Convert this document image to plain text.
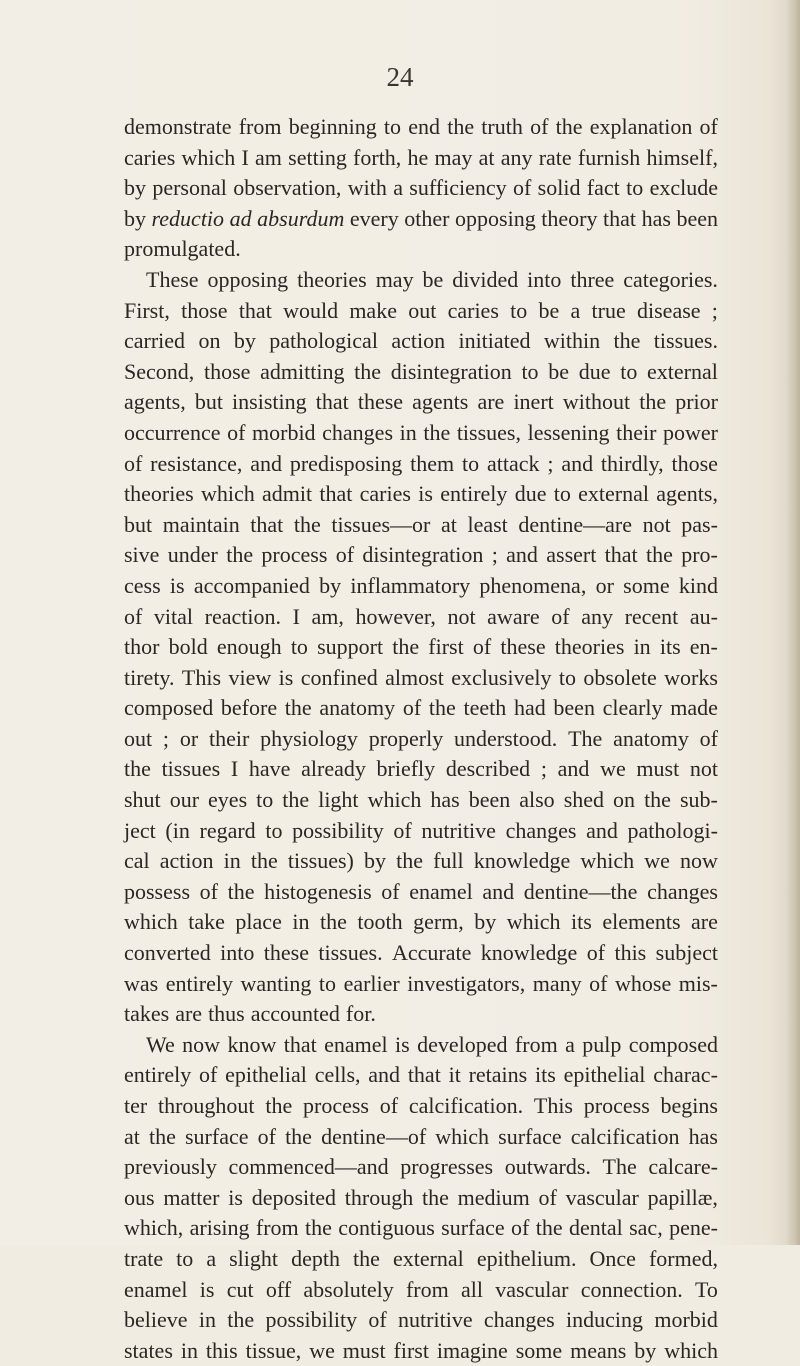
24
demonstrate from beginning to end the truth of the explanation of
caries which I am setting forth, he may at any rate furnish himself,
by personal observation, with a sufficiency of solid fact to exclude
by reductio ad absurdum every other opposing theory that has been
promulgated.
These opposing theories may be divided into three categories.
First, those that would make out caries to be a true disease ;
carried on by pathological action initiated within the tissues.
Second, those admitting the disintegration to be due to external
agents, but insisting that these agents are inert without the prior
occurrence of morbid changes in the tissues, lessening their power
of resistance, and predisposing them to attack ; and thirdly, those
theories which admit that caries is entirely due to external agents,
but maintain that the tissues—or at least dentine—are not pas-
sive under the process of disintegration ; and assert that the pro-
cess is accompanied by inflammatory phenomena, or some kind
of vital reaction. I am, however, not aware of any recent au-
thor bold enough to support the first of these theories in its en-
tirety. This view is confined almost exclusively to obsolete works
composed before the anatomy of the teeth had been clearly made
out ; or their physiology properly understood. The anatomy of
the tissues I have already briefly described ; and we must not
shut our eyes to the light which has been also shed on the sub-
ject (in regard to possibility of nutritive changes and pathologi-
cal action in the tissues) by the full knowledge which we now
possess of the histogenesis of enamel and dentine—the changes
which take place in the tooth germ, by which its elements are
converted into these tissues. Accurate knowledge of this subject
was entirely wanting to earlier investigators, many of whose mis-
takes are thus accounted for.
We now know that enamel is developed from a pulp composed
entirely of epithelial cells, and that it retains its epithelial charac-
ter throughout the process of calcification. This process begins
at the surface of the dentine—of which surface calcification has
previously commenced—and progresses outwards. The calcare-
ous matter is deposited through the medium of vascular papillæ,
which, arising from the contiguous surface of the dental sac, pene-
trate to a slight depth the external epithelium. Once formed,
enamel is cut off absolutely from all vascular connection. To
believe in the possibility of nutritive changes inducing morbid
states in this tissue, we must first imagine some means by which
